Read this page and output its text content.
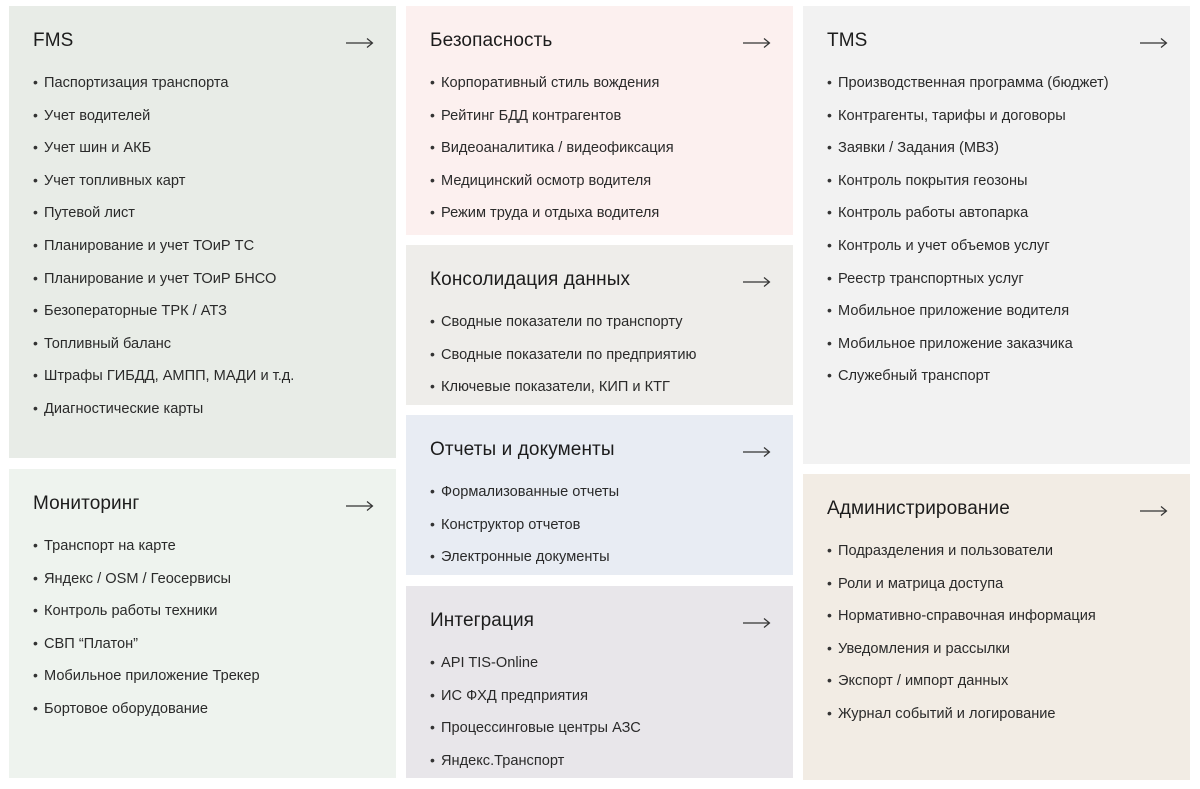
FMS
• Паспортизация транспорта
• Учет водителей
• Учет шин и АКБ
• Учет топливных карт
• Путевой лист
• Планирование и учет ТОиР ТС
• Планирование и учет ТОиР БНСО
• Безоператорные ТРК / АТЗ
• Топливный баланс
• Штрафы ГИБДД, АМПП, МАДИ и т.д.
• Диагностические карты
Мониторинг
• Транспорт на карте
• Яндекс / OSM / Геосервисы
• Контроль работы техники
• СВП “Платон”
• Мобильное приложение Трекер
• Бортовое оборудование
Безопасность
• Корпоративный стиль вождения
• Рейтинг БДД контрагентов
• Видеоаналитика / видеофиксация
• Медицинский осмотр водителя
• Режим труда и отдыха водителя
Консолидация данных
• Сводные показатели по транспорту
• Сводные показатели по предприятию
• Ключевые показатели, КИП и КТГ
Отчеты и документы
• Формализованные отчеты
• Конструктор отчетов
• Электронные документы
Интеграция
• API TIS-Online
• ИС ФХД предприятия
• Процессинговые центры АЗС
• Яндекс.Транспорт
TMS
• Производственная программа (бюджет)
• Контрагенты, тарифы и договоры
• Заявки / Задания (МВЗ)
• Контроль покрытия геозоны
• Контроль работы автопарка
• Контроль и учет объемов услуг
• Реестр транспортных услуг
• Мобильное приложение водителя
• Мобильное приложение заказчика
• Служебный транспорт
Администрирование
• Подразделения и пользователи
• Роли и матрица доступа
• Нормативно-справочная информация
• Уведомления и рассылки
• Экспорт / импорт данных
• Журнал событий и логирование
